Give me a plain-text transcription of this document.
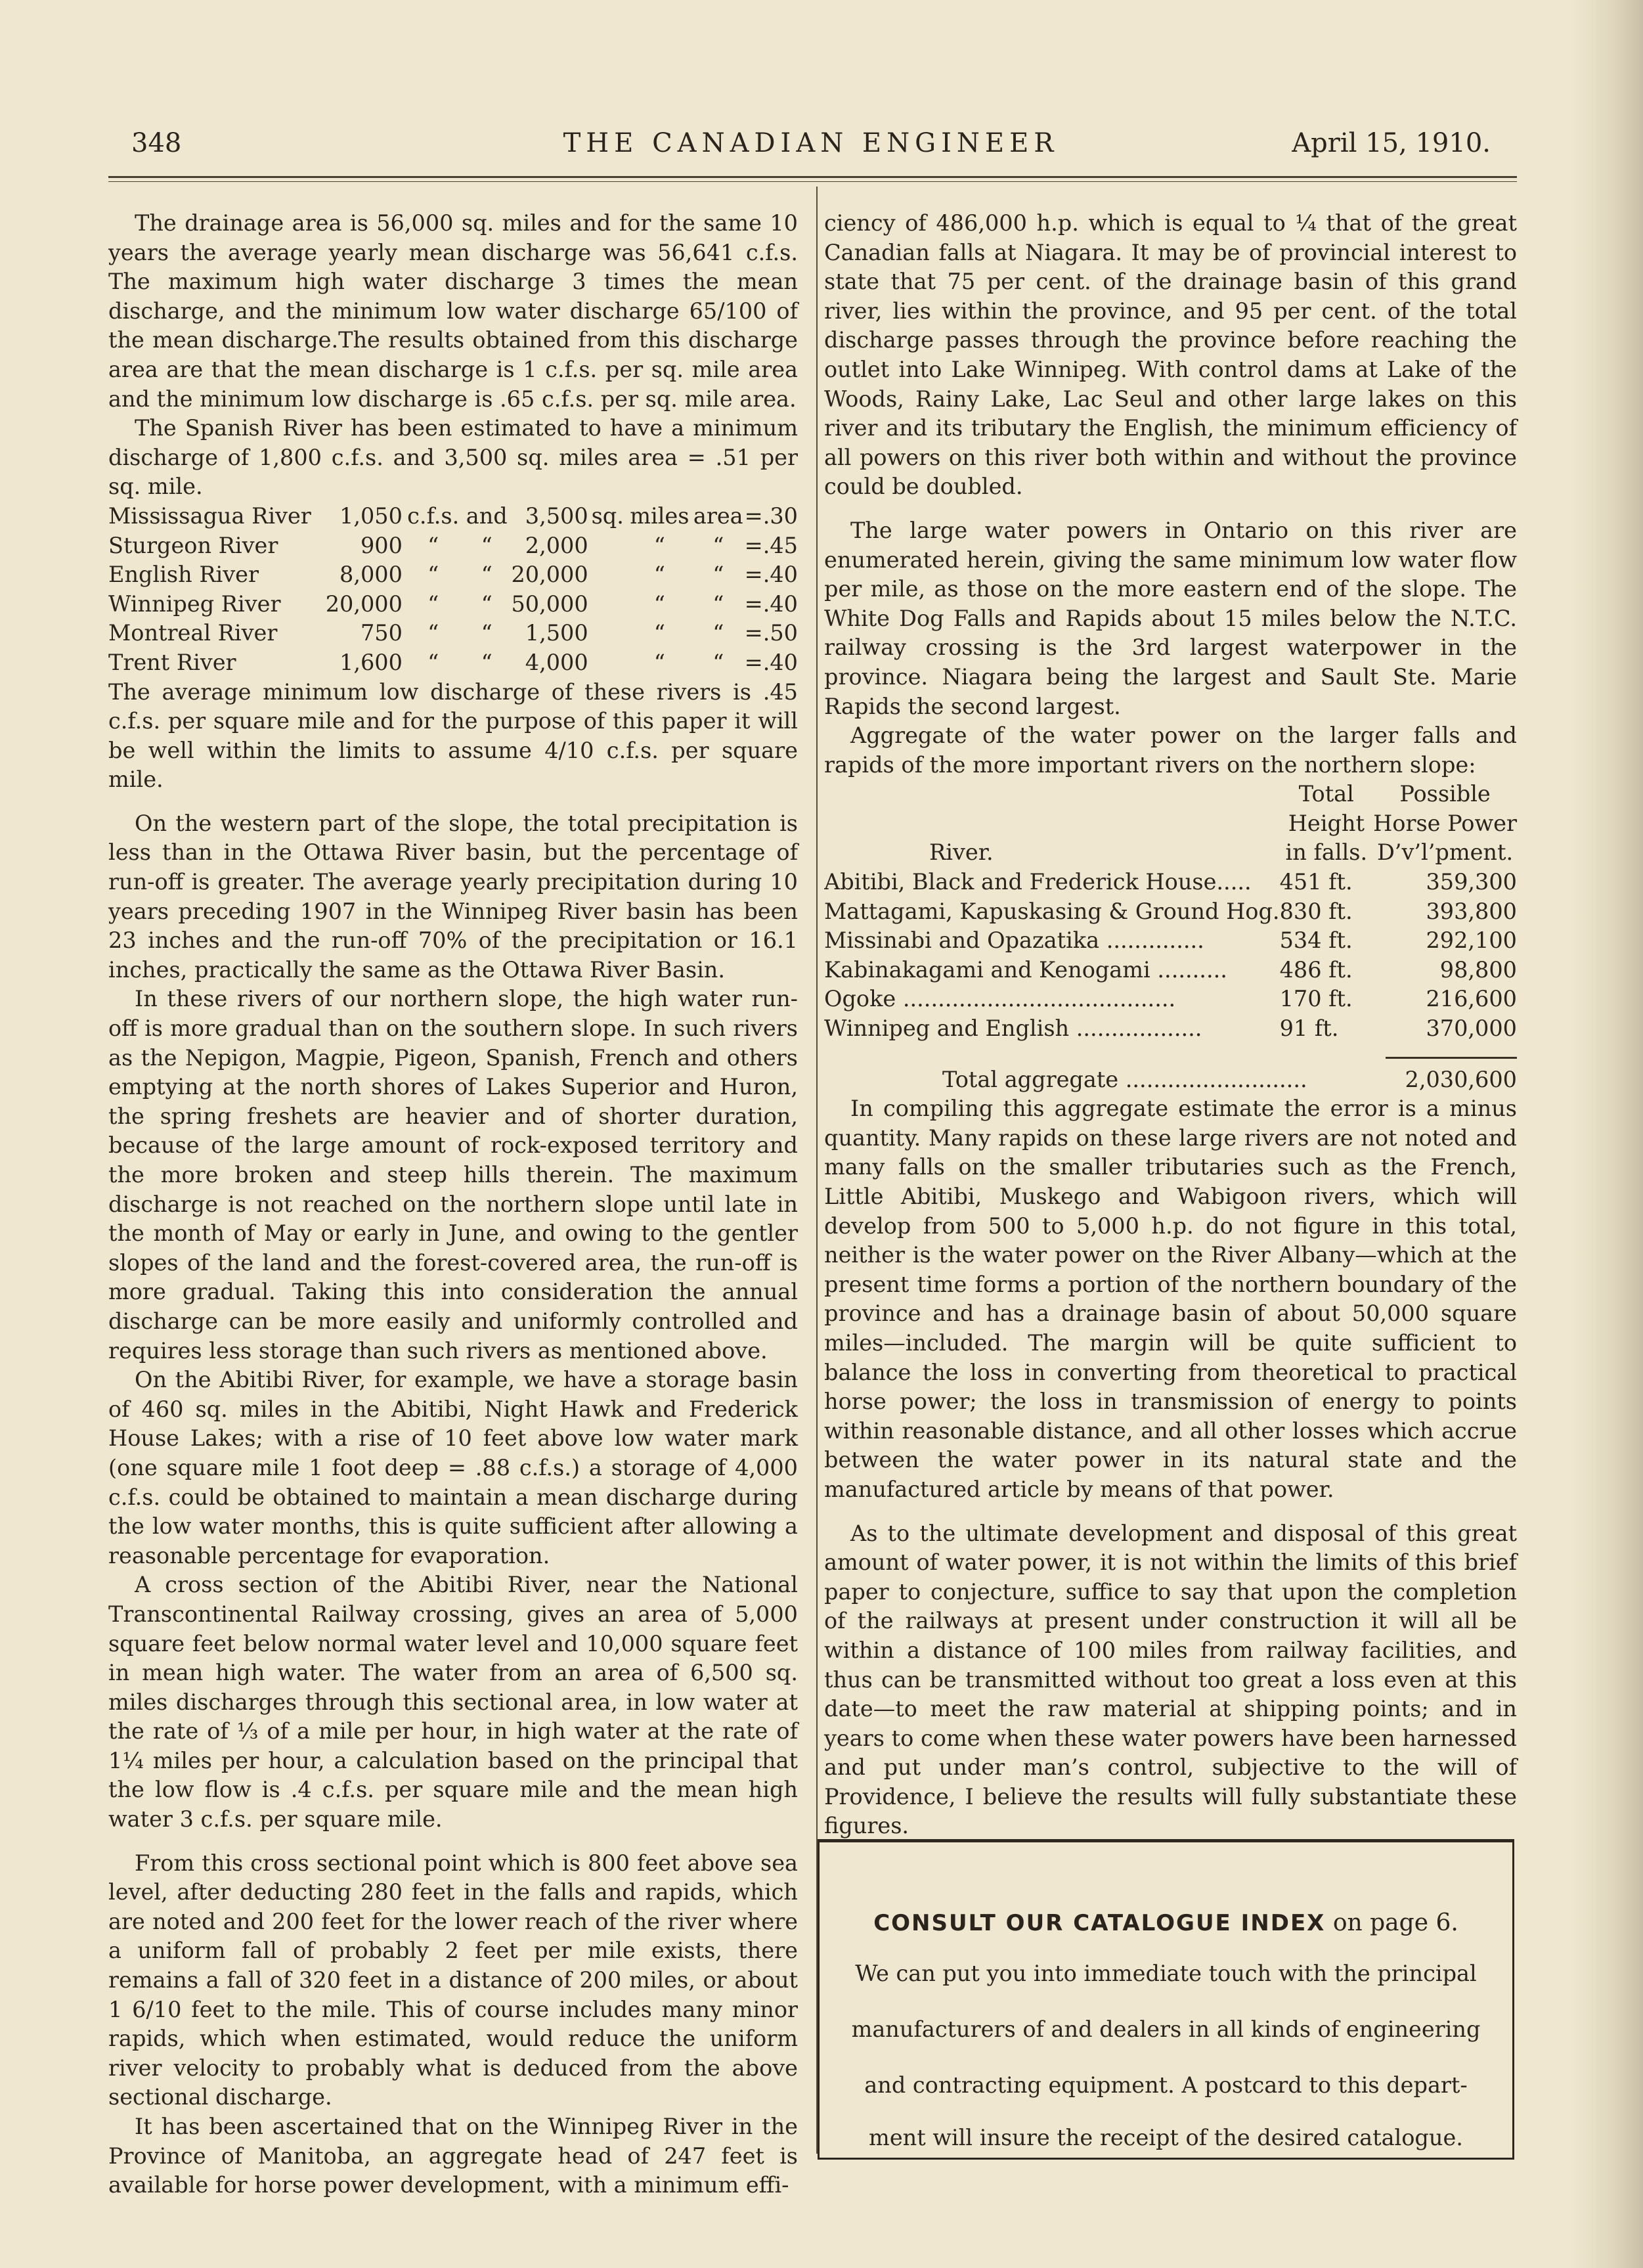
348	THE CANADIAN ENGINEER	April 15, 1910.

The drainage area is 56,000 sq. miles and for the same 10 years the average yearly mean discharge was 56,641 c.f.s. The maximum high water discharge 3 times the mean discharge, and the minimum low water discharge 65/100 of the mean discharge.The results obtained from this discharge area are that the mean discharge is 1 c.f.s. per sq. mile area and the minimum low discharge is .65 c.f.s. per sq. mile area.

The Spanish River has been estimated to have a minimum discharge of 1,800 c.f.s. and 3,500 sq. miles area = .51 per sq. mile.

Mississagua River	1,050	c.f.s.	and	3,500	sq.	miles	area	=.30
Sturgeon River	900	“	“	2,000		“	“	=.45
English River	8,000	“	“	20,000		“	“	=.40
Winnipeg River	20,000	“	“	50,000		“	“	=.40
Montreal River	750	“	“	1,500		“	“	=.50
Trent River	1,600	“	“	4,000		“	“	=.40

The average minimum low discharge of these rivers is .45 c.f.s. per square mile and for the purpose of this paper it will be well within the limits to assume 4/10 c.f.s. per square mile.

On the western part of the slope, the total precipitation is less than in the Ottawa River basin, but the percentage of run-off is greater. The average yearly precipitation during 10 years preceding 1907 in the Winnipeg River basin has been 23 inches and the run-off 70% of the precipitation or 16.1 inches, practically the same as the Ottawa River Basin.

In these rivers of our northern slope, the high water run-off is more gradual than on the southern slope. In such rivers as the Nepigon, Magpie, Pigeon, Spanish, French and others emptying at the north shores of Lakes Superior and Huron, the spring freshets are heavier and of shorter duration, because of the large amount of rock-exposed territory and the more broken and steep hills therein. The maximum discharge is not reached on the northern slope until late in the month of May or early in June, and owing to the gentler slopes of the land and the forest-covered area, the run-off is more gradual. Taking this into consideration the annual discharge can be more easily and uniformly controlled and requires less storage than such rivers as mentioned above.

On the Abitibi River, for example, we have a storage basin of 460 sq. miles in the Abitibi, Night Hawk and Frederick House Lakes; with a rise of 10 feet above low water mark (one square mile 1 foot deep = .88 c.f.s.) a storage of 4,000 c.f.s. could be obtained to maintain a mean discharge during the low water months, this is quite sufficient after allowing a reasonable percentage for evaporation.

A cross section of the Abitibi River, near the National Transcontinental Railway crossing, gives an area of 5,000 square feet below normal water level and 10,000 square feet in mean high water. The water from an area of 6,500 sq. miles discharges through this sectional area, in low water at the rate of ⅓ of a mile per hour, in high water at the rate of 1¼ miles per hour, a calculation based on the principal that the low flow is .4 c.f.s. per square mile and the mean high water 3 c.f.s. per square mile.

From this cross sectional point which is 800 feet above sea level, after deducting 280 feet in the falls and rapids, which are noted and 200 feet for the lower reach of the river where a uniform fall of probably 2 feet per mile exists, there remains a fall of 320 feet in a distance of 200 miles, or about 1 6/10 feet to the mile. This of course includes many minor rapids, which when estimated, would reduce the uniform river velocity to probably what is deduced from the above sectional discharge.

It has been ascertained that on the Winnipeg River in the Province of Manitoba, an aggregate head of 247 feet is available for horse power development, with a minimum effi-

ciency of 486,000 h.p. which is equal to ¼ that of the great Canadian falls at Niagara. It may be of provincial interest to state that 75 per cent. of the drainage basin of this grand river, lies within the province, and 95 per cent. of the total discharge passes through the province before reaching the outlet into Lake Winnipeg. With control dams at Lake of the Woods, Rainy Lake, Lac Seul and other large lakes on this river and its tributary the English, the minimum efficiency of all powers on this river both within and without the province could be doubled.

The large water powers in Ontario on this river are enumerated herein, giving the same minimum low water flow per mile, as those on the more eastern end of the slope. The White Dog Falls and Rapids about 15 miles below the N.T.C. railway crossing is the 3rd largest waterpower in the province. Niagara being the largest and Sault Ste. Marie Rapids the second largest.

Aggregate of the water power on the larger falls and rapids of the more important rivers on the northern slope:

	Total	Possible
	Height	Horse Power
River.	in falls.	D’v’l’pment.
Abitibi, Black and Frederick House.....	451 ft.	359,300
Mattagami, Kapuskasing & Ground Hog.	830 ft.	393,800
Missinabi and Opazatika ..............	534 ft.	292,100
Kabinakagami and Kenogami ..........	486 ft.	98,800
Ogoke .......................................	170 ft.	216,600
Winnipeg and English ..................	91 ft.	370,000
Total aggregate ..........................	2,030,600

In compiling this aggregate estimate the error is a minus quantity. Many rapids on these large rivers are not noted and many falls on the smaller tributaries such as the French, Little Abitibi, Muskego and Wabigoon rivers, which will develop from 500 to 5,000 h.p. do not figure in this total, neither is the water power on the River Albany—which at the present time forms a portion of the northern boundary of the province and has a drainage basin of about 50,000 square miles—included. The margin will be quite sufficient to balance the loss in converting from theoretical to practical horse power; the loss in transmission of energy to points within reasonable distance, and all other losses which accrue between the water power in its natural state and the manufactured article by means of that power.

As to the ultimate development and disposal of this great amount of water power, it is not within the limits of this brief paper to conjecture, suffice to say that upon the completion of the railways at present under construction it will all be within a distance of 100 miles from railway facilities, and thus can be transmitted without too great a loss even at this date—to meet the raw material at shipping points; and in years to come when these water powers have been harnessed and put under man’s control, subjective to the will of Providence, I believe the results will fully substantiate these figures.

CONSULT OUR CATALOGUE INDEX on page 6.
We can put you into immediate touch with the principal
manufacturers of and dealers in all kinds of engineering
and contracting equipment. A postcard to this depart-
ment will insure the receipt of the desired catalogue.
